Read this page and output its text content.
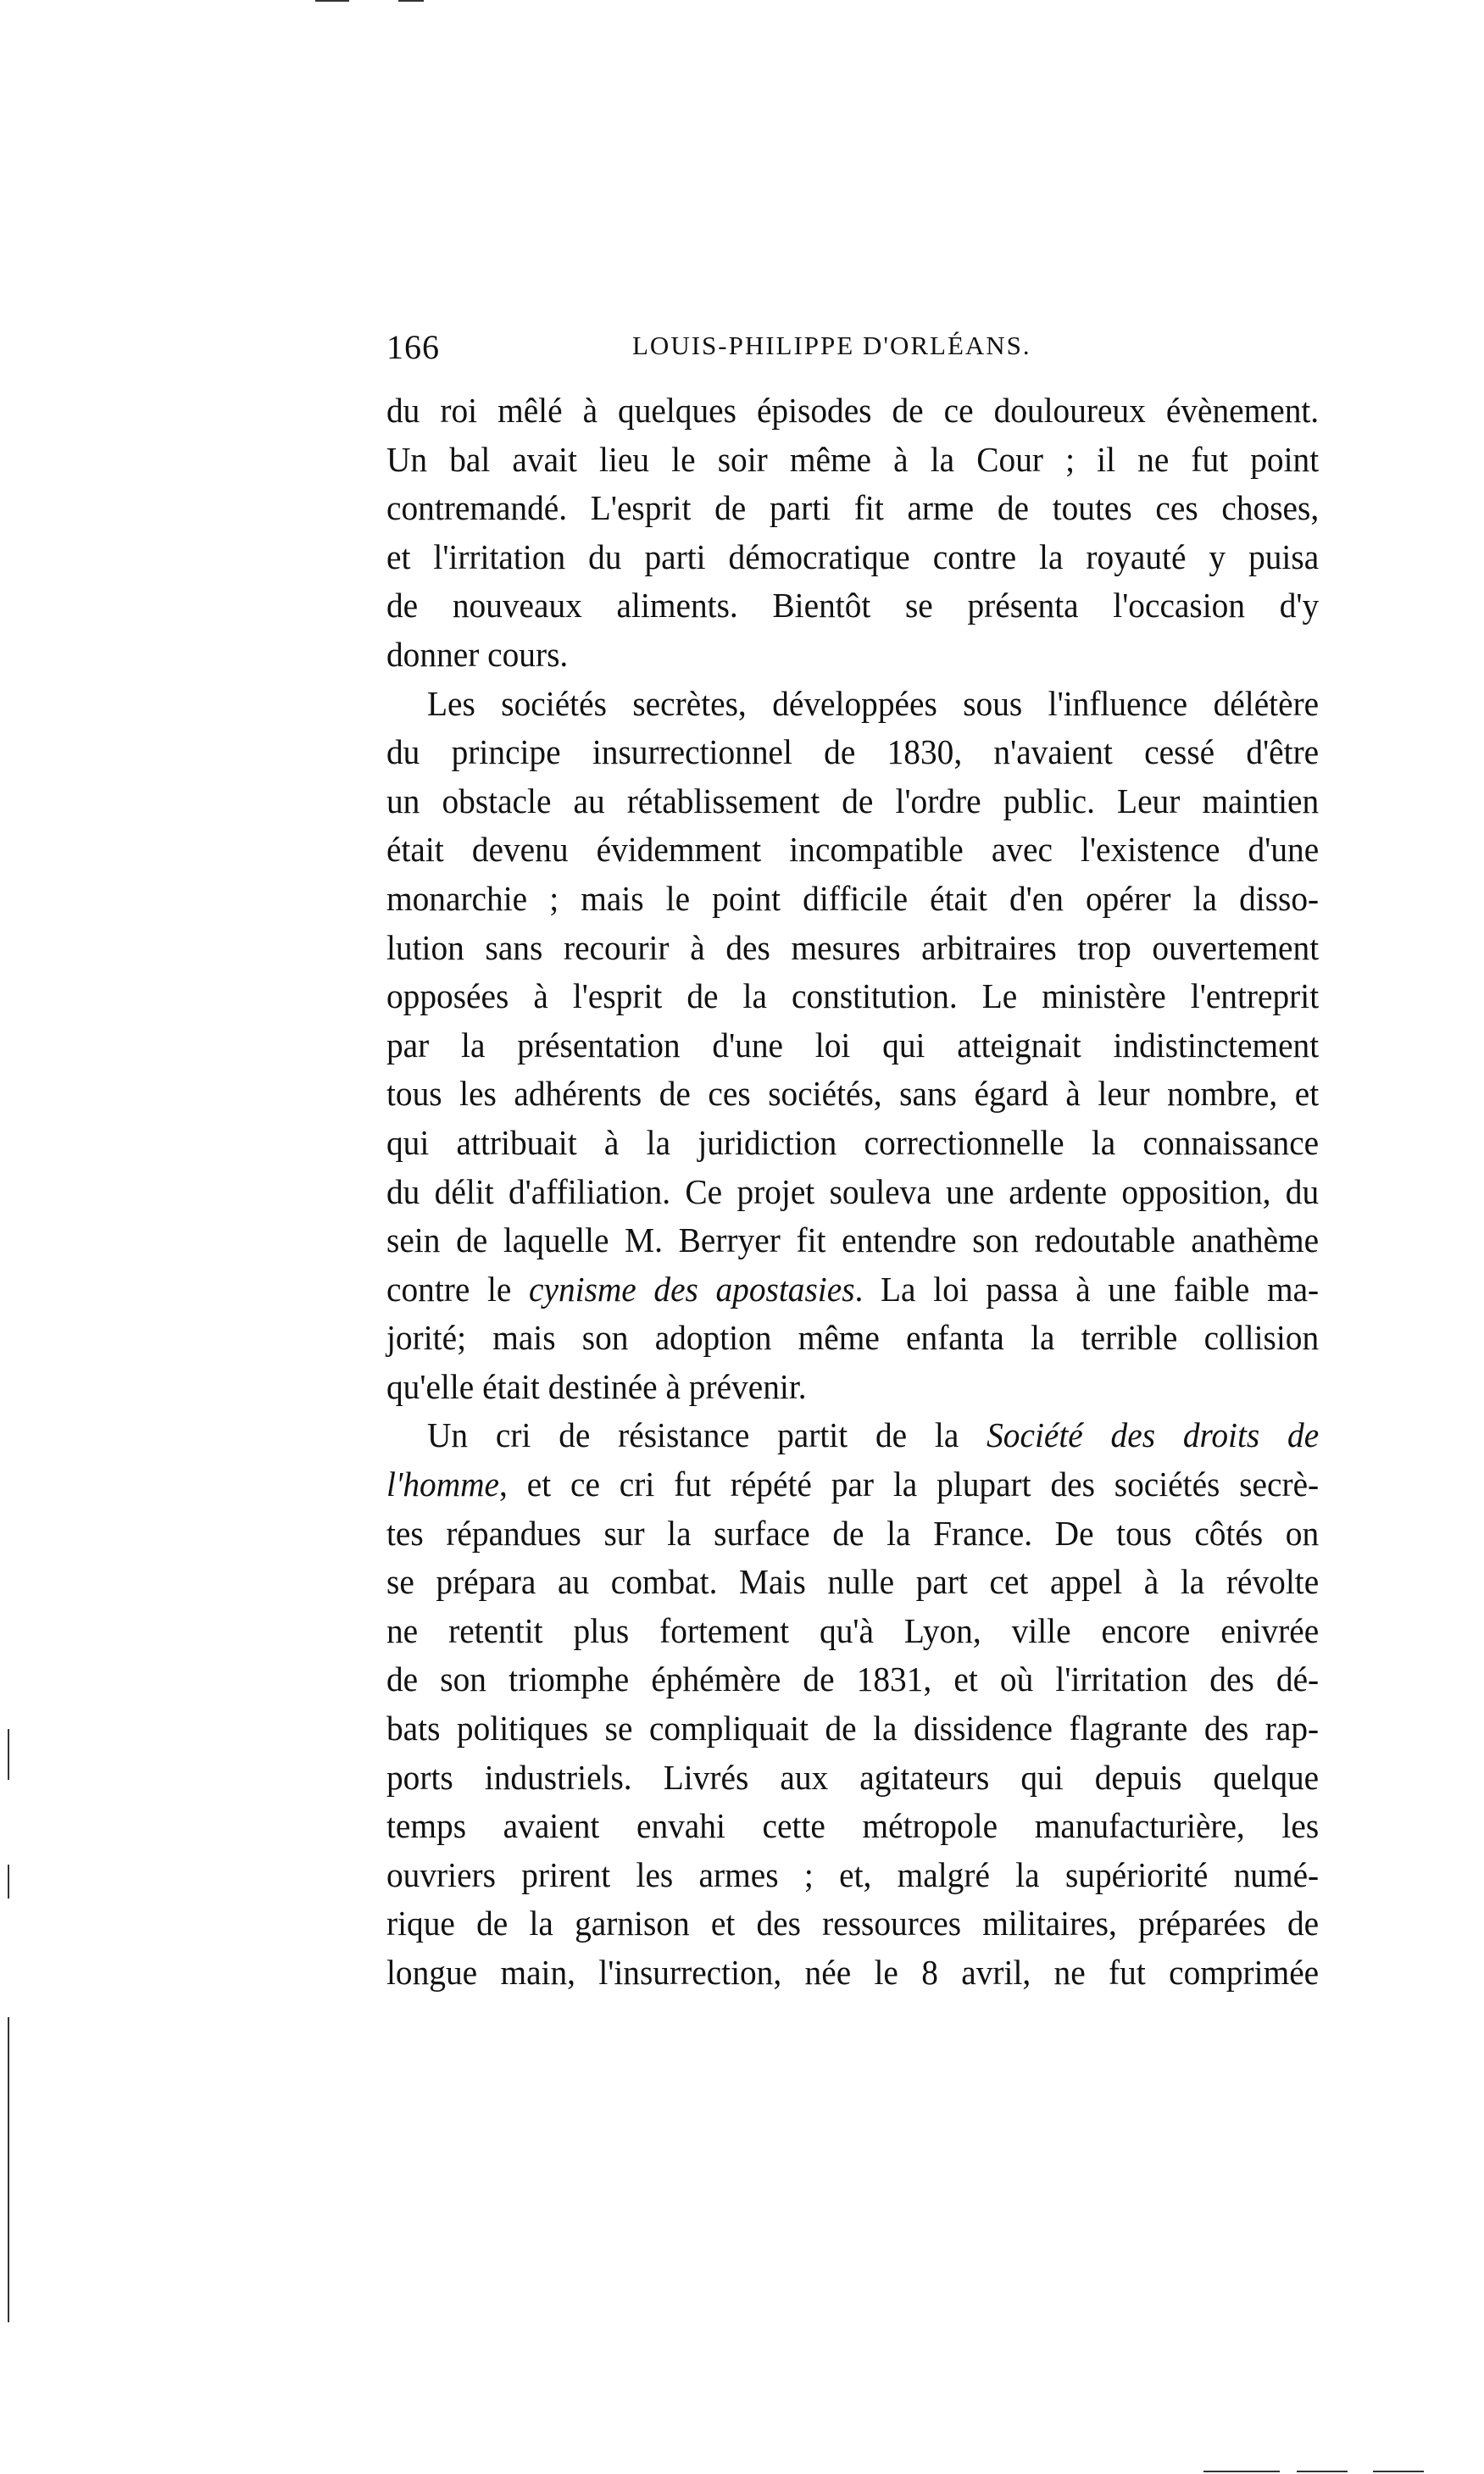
166	LOUIS-PHILIPPE D'ORLÉANS.
du roi mêlé à quelques épisodes de ce douloureux évènement.
Un bal avait lieu le soir même à la Cour ; il ne fut point
contremandé. L'esprit de parti fit arme de toutes ces choses,
et l'irritation du parti démocratique contre la royauté y puisa
de nouveaux aliments. Bientôt se présenta l'occasion d'y
donner cours.
Les sociétés secrètes, développées sous l'influence délétère
du principe insurrectionnel de 1830, n'avaient cessé d'être
un obstacle au rétablissement de l'ordre public. Leur maintien
était devenu évidemment incompatible avec l'existence d'une
monarchie ; mais le point difficile était d'en opérer la disso-
lution sans recourir à des mesures arbitraires trop ouvertement
opposées à l'esprit de la constitution. Le ministère l'entreprit
par la présentation d'une loi qui atteignait indistinctement
tous les adhérents de ces sociétés, sans égard à leur nombre, et
qui attribuait à la juridiction correctionnelle la connaissance
du délit d'affiliation. Ce projet souleva une ardente opposition, du
sein de laquelle M. Berryer fit entendre son redoutable anathème
contre le cynisme des apostasies. La loi passa à une faible ma-
jorité; mais son adoption même enfanta la terrible collision
qu'elle était destinée à prévenir.
Un cri de résistance partit de la Société des droits de
l'homme, et ce cri fut répété par la plupart des sociétés secrè-
tes répandues sur la surface de la France. De tous côtés on
se prépara au combat. Mais nulle part cet appel à la révolte
ne retentit plus fortement qu'à Lyon, ville encore enivrée
de son triomphe éphémère de 1831, et où l'irritation des dé-
bats politiques se compliquait de la dissidence flagrante des rap-
ports industriels. Livrés aux agitateurs qui depuis quelque
temps avaient envahi cette métropole manufacturière, les
ouvriers prirent les armes ; et, malgré la supériorité numé-
rique de la garnison et des ressources militaires, préparées de
longue main, l'insurrection, née le 8 avril, ne fut comprimée
